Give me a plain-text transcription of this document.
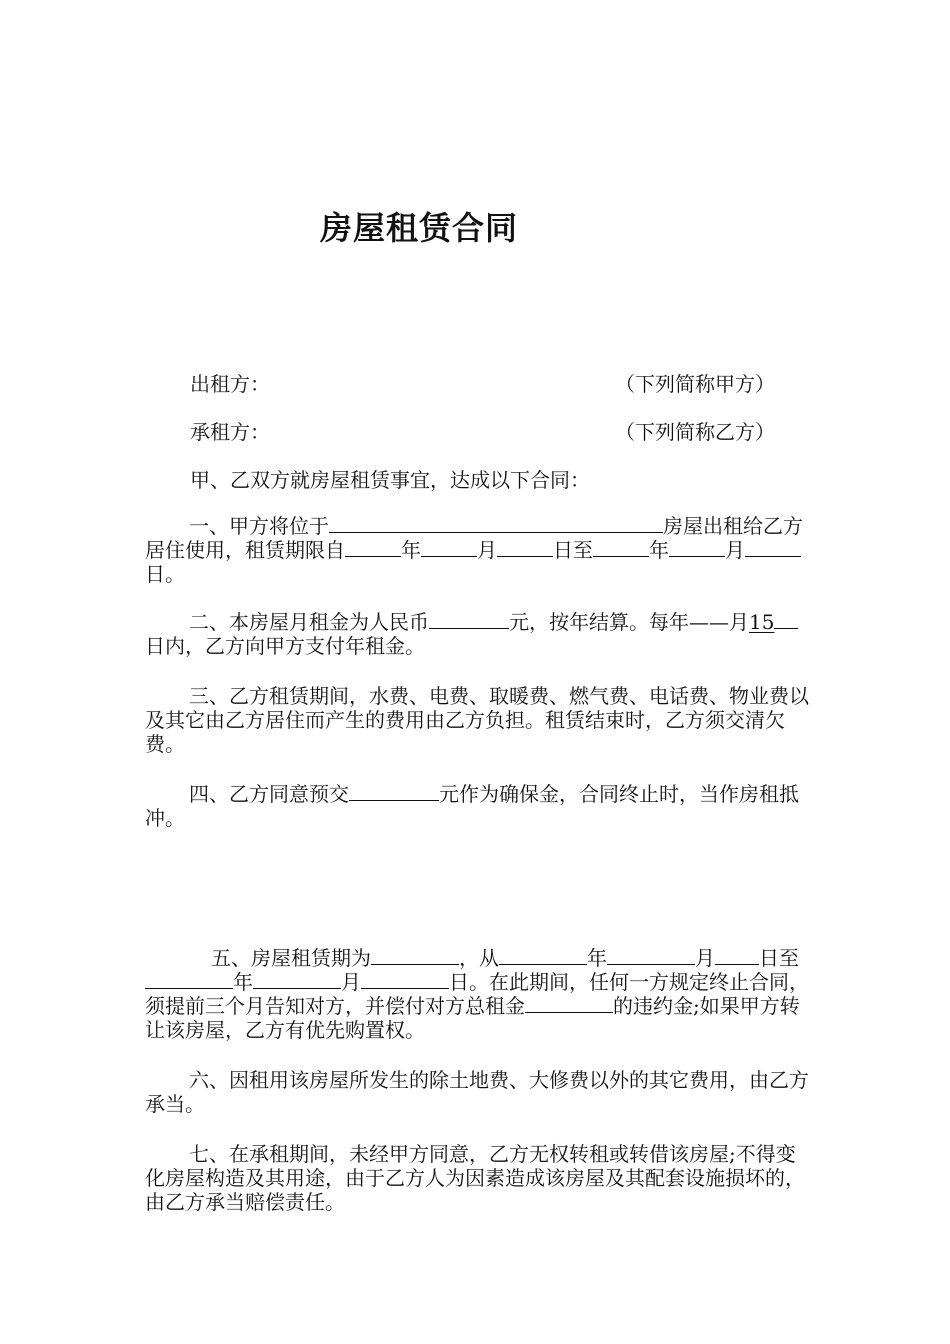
房屋租赁合同
出租方：	（下列简称甲方）
承租方：	（下列简称乙方）
甲、乙双方就房屋租赁事宜，达成以下合同：
一、甲方将位于	房屋出租给乙方居住使用，租赁期限自	年	月	日至	年	月日。
二、本房屋月租金为人民币	元，按年结算。每年——月15日内，乙方向甲方支付年租金。
三、乙方租赁期间，水费、电费、取暖费、燃气费、电话费、物业费以及其它由乙方居住而产生的费用由乙方负担。租赁结束时，乙方须交清欠费。
四、乙方同意预交	元作为确保金，合同终止时，当作房租抵冲。
五、房屋租赁期为	，从	年	月 日至年	月	日。在此期间，任何一方规定终止合同，须提前三个月告知对方，并偿付对方总租金	的违约金;如果甲方转让该房屋，乙方有优先购置权。
六、因租用该房屋所发生的除土地费、大修费以外的其它费用，由乙方承当。
七、在承租期间，未经甲方同意，乙方无权转租或转借该房屋;不得变化房屋构造及其用途，由于乙方人为因素造成该房屋及其配套设施损坏的，由乙方承当赔偿责任。
